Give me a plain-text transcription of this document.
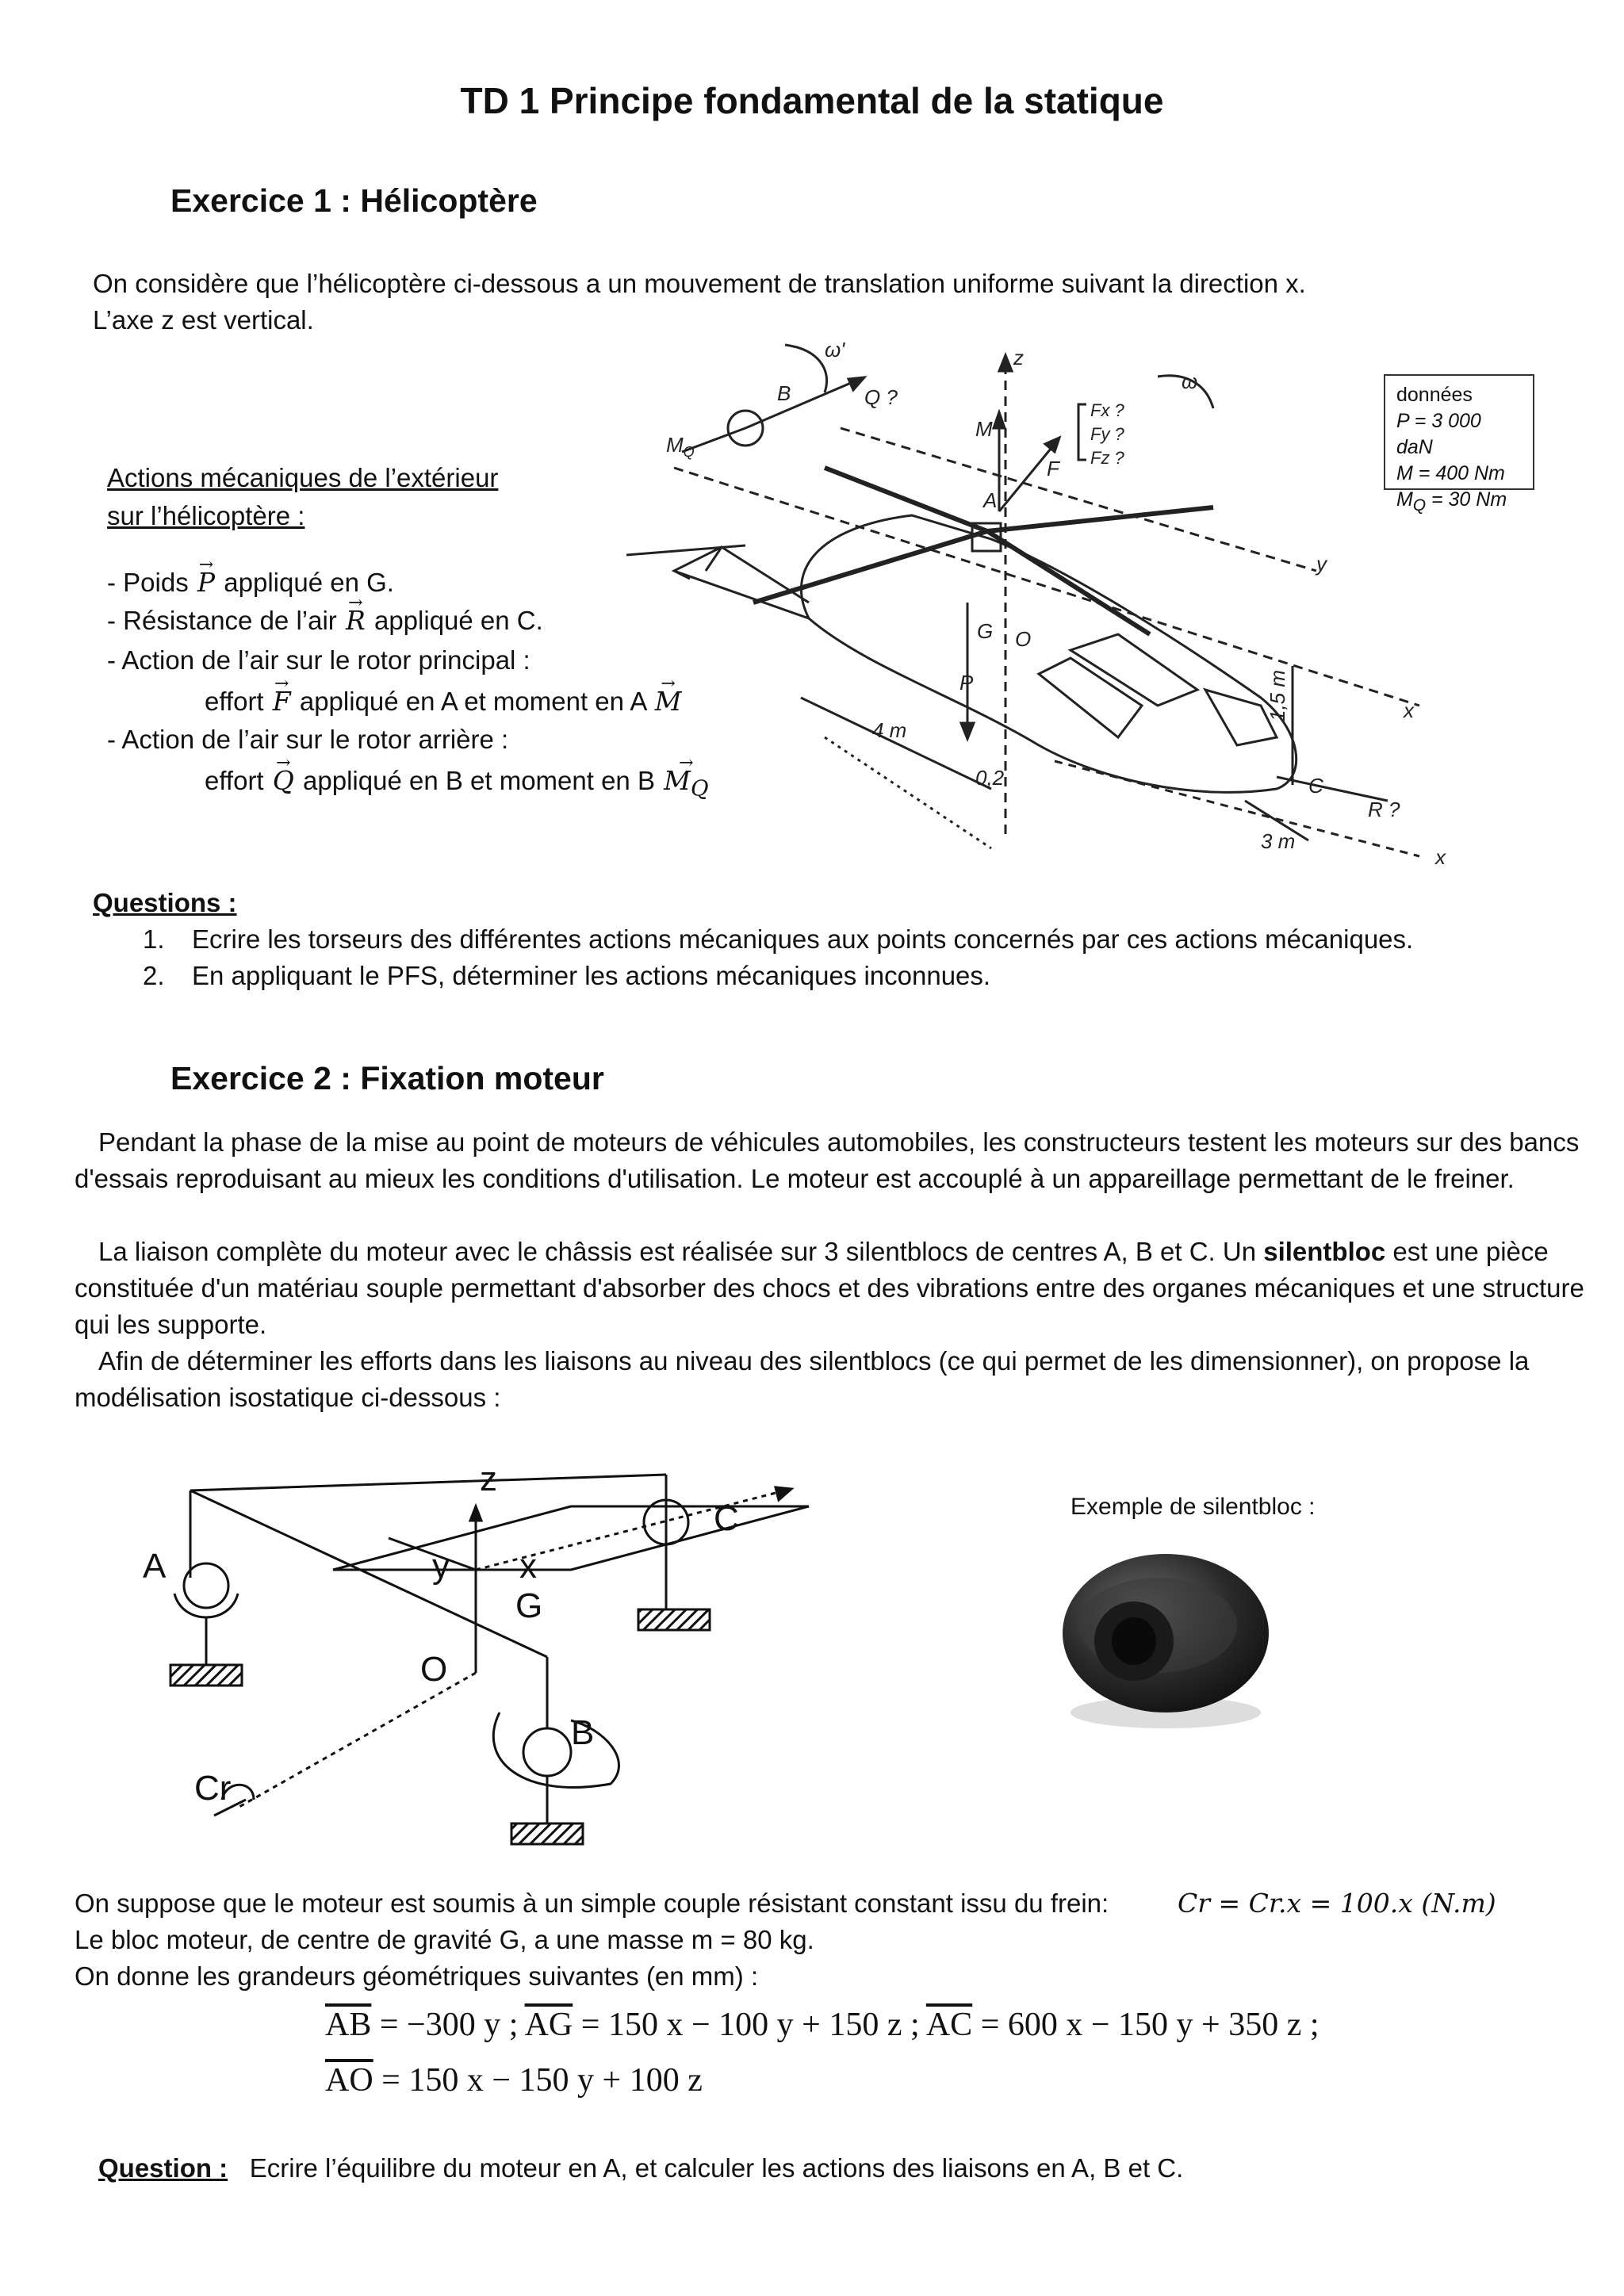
TD 1 Principe fondamental de la statique
Exercice 1 : Hélicoptère
On considère que l’hélicoptère ci-dessous a un mouvement de translation uniforme suivant la direction x.
L’axe z est vertical.
Actions mécaniques de l’extérieur
sur l’hélicoptère :
- Poids → P appliqué en G.
- Résistance de l’air → R appliqué en C.
- Action de l’air sur le rotor principal :
effort → F appliqué en A et moment en A → M
- Action de l’air sur le rotor arrière :
effort → Q appliqué en B et moment en $B \to M_Q$
z
y
x
x
ω
ω'
B	Q ?
$M_Q$
M
F
Fx ?
Fy ?
Fz ?
A
G O
P
C
R ?
4 m
0,2
1,5 m
3 m
données
P = 3 000 daN
M = 400 Nm
$M_Q = 30$ Nm
Questions :
1. Ecrire les torseurs des différentes actions mécaniques aux points concernés par ces actions mécaniques.
2. En appliquant le PFS, déterminer les actions mécaniques inconnues.
Exercice 2 : Fixation moteur
Pendant la phase de la mise au point de moteurs de véhicules automobiles, les constructeurs testent les moteurs sur des bancs d'essais reproduisant au mieux les conditions d'utilisation. Le moteur est accouplé à un appareillage permettant de le freiner.
La liaison complète du moteur avec le châssis est réalisée sur 3 silentblocs de centres A, B et C. Un silentbloc est une pièce constituée d'un matériau souple permettant d'absorber des chocs et des vibrations entre des organes mécaniques et une structure qui les supporte.
Afin de déterminer les efforts dans les liaisons au niveau des silentblocs (ce qui permet de les dimensionner), on propose la modélisation isostatique ci-dessous :
A
B
C
O
G
x
y
z
Cr
Exemple de silentbloc :
On suppose que le moteur est soumis à un simple couple résistant constant issu du frein:	Cr = Cr.x = 100.x (N.m)
Le bloc moteur, de centre de gravité G, a une masse m = 80 kg.
On donne les grandeurs géométriques suivantes (en mm) :
$\overline{AB} = -300$ y ; $\overline{AG} = 150$ x − 100 y + 150 z ; $\overline{AC} = 600$ x − 150 y + 350 z ;
$\overline{AO} = 150$ x − 150 y + 100 z
Question : Ecrire l’équilibre du moteur en A, et calculer les actions des liaisons en A, B et C.
